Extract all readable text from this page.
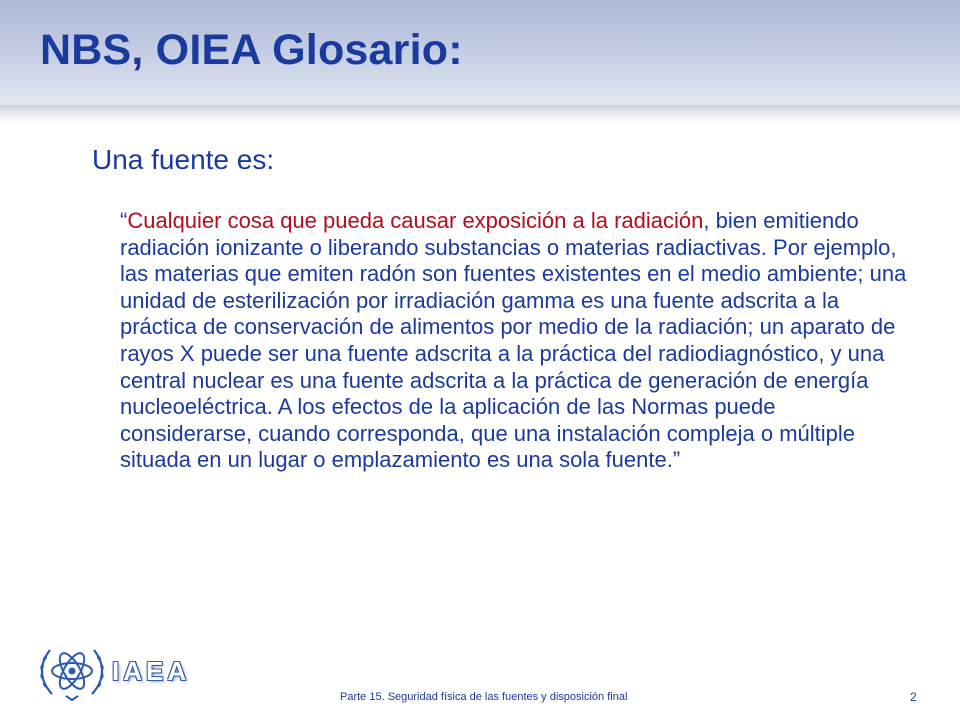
NBS, OIEA Glosario:

Una fuente es:

“Cualquier cosa que pueda causar exposición a la radiación, bien emitiendo radiación ionizante o liberando substancias o materias radiactivas. Por ejemplo, las materias que emiten radón son fuentes existentes en el medio ambiente; una unidad de esterilización por irradiación gamma es una fuente adscrita a la práctica de conservación de alimentos por medio de la radiación; un aparato de rayos X puede ser una fuente adscrita a la práctica del radiodiagnóstico, y una central nuclear es una fuente adscrita a la práctica de generación de energía nucleoeléctrica. A los efectos de la aplicación de las Normas puede considerarse, cuando corresponda, que una instalación compleja o múltiple situada en un lugar o emplazamiento es una sola fuente.”

IAEA
Parte 15. Seguridad física de las fuentes y disposición final	2
